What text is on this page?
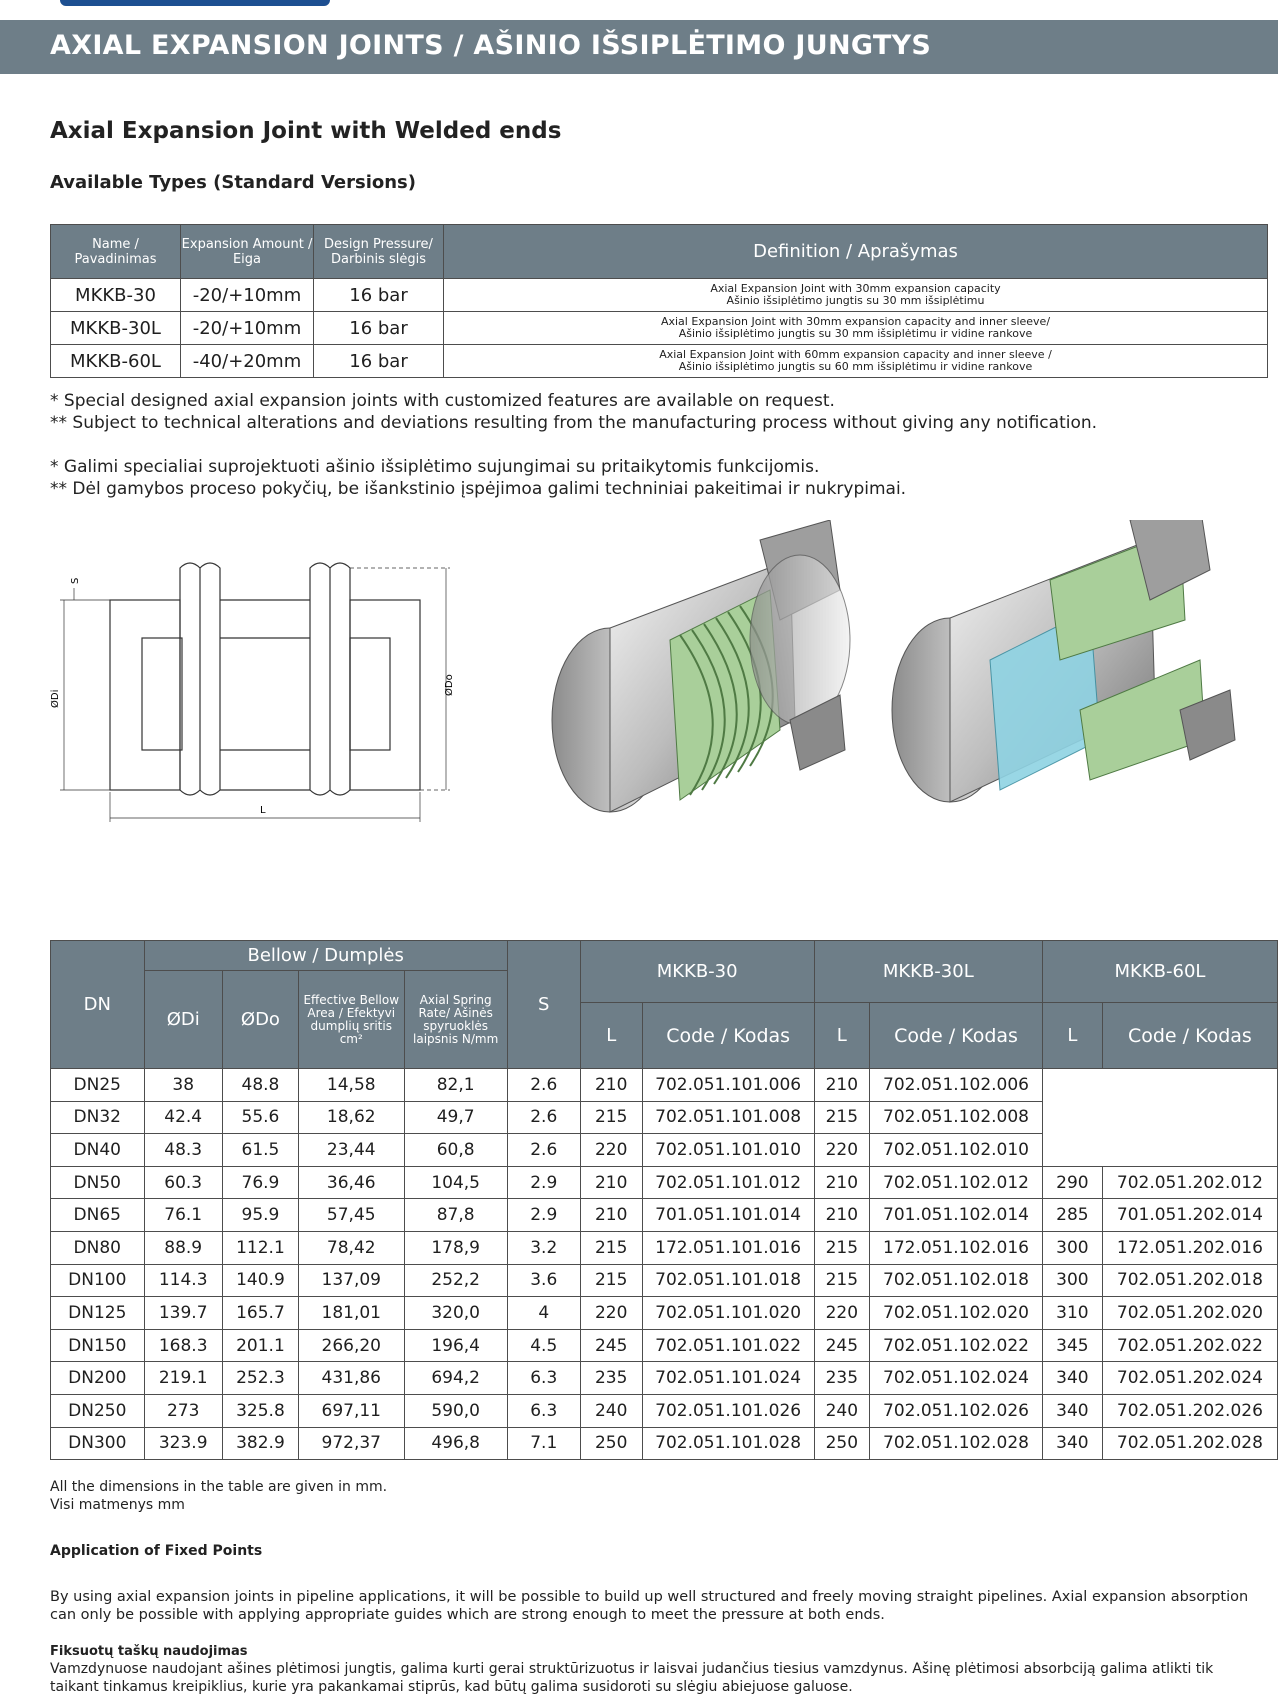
AXIAL EXPANSION JOINTS / AŠINIO IŠSIPLĖTIMO JUNGTYS
Axial Expansion Joint with Welded ends
Available Types (Standard Versions)
Name / Pavadinimas	Expansion Amount / Eiga	Design Pressure/ Darbinis slėgis	Definition / Aprašymas
MKKB-30	-20/+10mm	16 bar	Axial Expansion Joint with 30mm expansion capacity
Ašinio išsiplėtimo jungtis su 30 mm išsiplėtimu

MKKB-30L	-20/+10mm	16 bar	Axial Expansion Joint with 30mm expansion capacity and inner sleeve/
Ašinio išsiplėtimo jungtis su 30 mm išsiplėtimu ir vidine rankove

MKKB-60L	-40/+20mm	16 bar	Axial Expansion Joint with 60mm expansion capacity and inner sleeve /
Ašinio išsiplėtimo jungtis su 60 mm išsiplėtimu ir vidine rankove

* Special designed axial expansion joints with customized features are available on request.

** Subject to technical alterations and deviations resulting from the manufacturing process without giving any notification.

* Galimi specialiai suprojektuoti ašinio išsiplėtimo sujungimai su pritaikytomis funkcijomis.

** Dėl gamybos proceso pokyčių, be išankstinio įspėjimoa galimi techniniai pakeitimai ir nukrypimai.

S
ØDi
ØDo
L
DN	Bellow / Dumplės				S	MKKB-30		MKKB-30L		MKKB-60L	
	ØDi	ØDo	Effective Bellow Area / Efektyvi dumplių sritis cm²	Axial Spring Rate/ Ašinės spyruoklės laipsnis N/mm							
						L	Code / Kodas	L	Code / Kodas	L	Code / Kodas
DN25	38	48.8	14,58	82,1	2.6	210	702.051.101.006	210	702.051.102.006		
DN32	42.4	55.6	18,62	49,7	2.6	215	702.051.101.008	215	702.051.102.008		
DN40	48.3	61.5	23,44	60,8	2.6	220	702.051.101.010	220	702.051.102.010		
DN50	60.3	76.9	36,46	104,5	2.9	210	702.051.101.012	210	702.051.102.012	290	702.051.202.012
DN65	76.1	95.9	57,45	87,8	2.9	210	701.051.101.014	210	701.051.102.014	285	701.051.202.014
DN80	88.9	112.1	78,42	178,9	3.2	215	172.051.101.016	215	172.051.102.016	300	172.051.202.016
DN100	114.3	140.9	137,09	252,2	3.6	215	702.051.101.018	215	702.051.102.018	300	702.051.202.018
DN125	139.7	165.7	181,01	320,0	4	220	702.051.101.020	220	702.051.102.020	310	702.051.202.020
DN150	168.3	201.1	266,20	196,4	4.5	245	702.051.101.022	245	702.051.102.022	345	702.051.202.022
DN200	219.1	252.3	431,86	694,2	6.3	235	702.051.101.024	235	702.051.102.024	340	702.051.202.024
DN250	273	325.8	697,11	590,0	6.3	240	702.051.101.026	240	702.051.102.026	340	702.051.202.026
DN300	323.9	382.9	972,37	496,8	7.1	250	702.051.101.028	250	702.051.102.028	340	702.051.202.028
All the dimensions in the table are given in mm.
Visi matmenys mm
Application of Fixed Points
By using axial expansion joints in pipeline applications, it will be possible to build up well structured and freely moving straight pipelines. Axial expansion absorption can only be possible with applying appropriate guides which are strong enough to meet the pressure at both ends.
Fiksuotų taškų naudojimas
Vamzdynuose naudojant ašines plėtimosi jungtis, galima kurti gerai struktūrizuotus ir laisvai judančius tiesius vamzdynus. Ašinę plėtimosi absorbciją galima atlikti tik taikant tinkamus kreipiklius, kurie yra pakankamai stiprūs, kad būtų galima susidoroti su slėgiu abiejuose galuose.
